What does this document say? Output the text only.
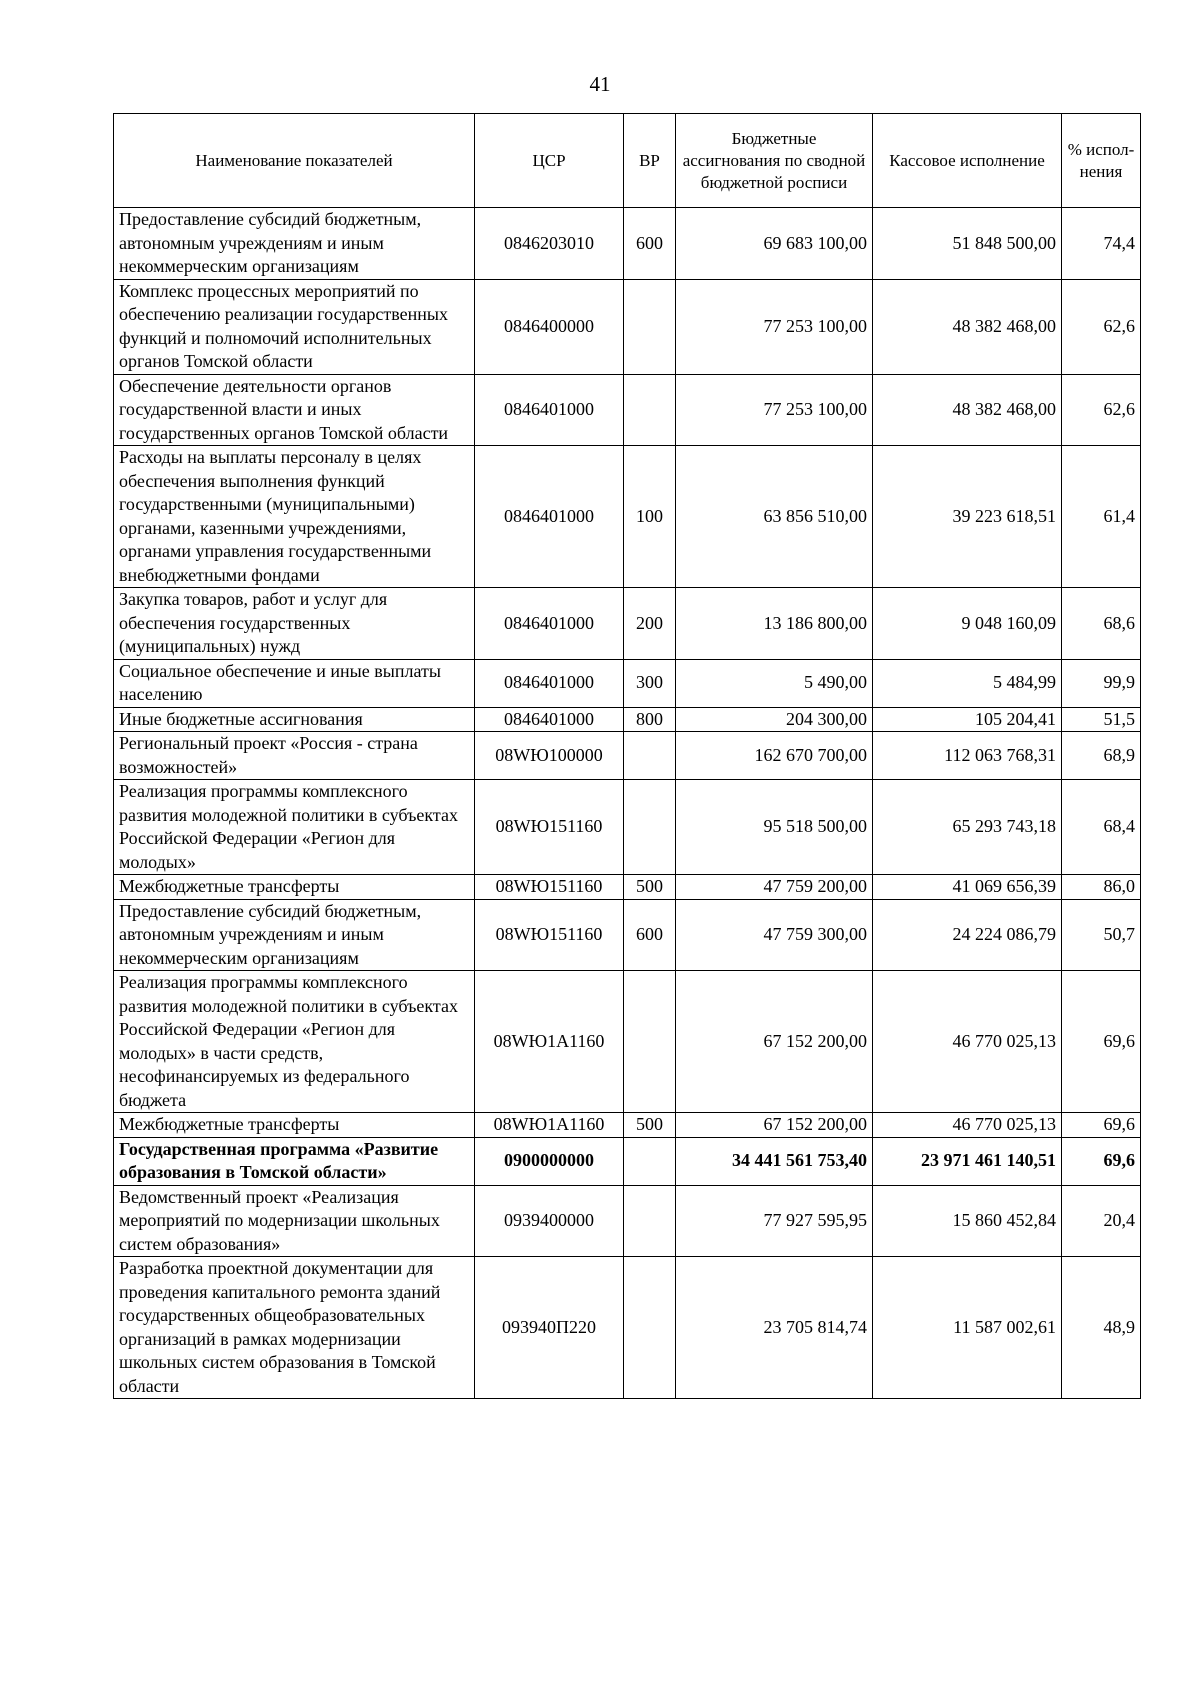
41
Наименование показателей	ЦСР	ВР	Бюджетные ассигнования по сводной бюджетной росписи	Кассовое исполнение	% испол-нения
Предоставление субсидий бюджетным, автономным учреждениям и иным некоммерческим организациям	0846203010	600	69 683 100,00	51 848 500,00	74,4
Комплекс процессных мероприятий по обеспечению реализации государственных функций и полномочий исполнительных органов Томской области	0846400000		77 253 100,00	48 382 468,00	62,6
Обеспечение деятельности органов государственной власти и иных государственных органов Томской области	0846401000		77 253 100,00	48 382 468,00	62,6
Расходы на выплаты персоналу в целях обеспечения выполнения функций государственными (муниципальными) органами, казенными учреждениями, органами управления государственными внебюджетными фондами	0846401000	100	63 856 510,00	39 223 618,51	61,4
Закупка товаров, работ и услуг для обеспечения государственных (муниципальных) нужд	0846401000	200	13 186 800,00	9 048 160,09	68,6
Социальное обеспечение и иные выплаты населению	0846401000	300	5 490,00	5 484,99	99,9
Иные бюджетные ассигнования	0846401000	800	204 300,00	105 204,41	51,5
Региональный проект «Россия - страна возможностей»	08WЮ100000		162 670 700,00	112 063 768,31	68,9
Реализация программы комплексного развития молодежной политики в субъектах Российской Федерации «Регион для молодых»	08WЮ151160		95 518 500,00	65 293 743,18	68,4
Межбюджетные трансферты	08WЮ151160	500	47 759 200,00	41 069 656,39	86,0
Предоставление субсидий бюджетным, автономным учреждениям и иным некоммерческим организациям	08WЮ151160	600	47 759 300,00	24 224 086,79	50,7
Реализация программы комплексного развития молодежной политики в субъектах Российской Федерации «Регион для молодых» в части средств, несофинансируемых из федерального бюджета	08WЮ1A1160		67 152 200,00	46 770 025,13	69,6
Межбюджетные трансферты	08WЮ1A1160	500	67 152 200,00	46 770 025,13	69,6
Государственная программа «Развитие образования в Томской области»	0900000000		34 441 561 753,40	23 971 461 140,51	69,6
Ведомственный проект «Реализация мероприятий по модернизации школьных систем образования»	0939400000		77 927 595,95	15 860 452,84	20,4
Разработка проектной документации для проведения капитального ремонта зданий государственных общеобразовательных организаций в рамках модернизации школьных систем образования в Томской области	093940П220		23 705 814,74	11 587 002,61	48,9
